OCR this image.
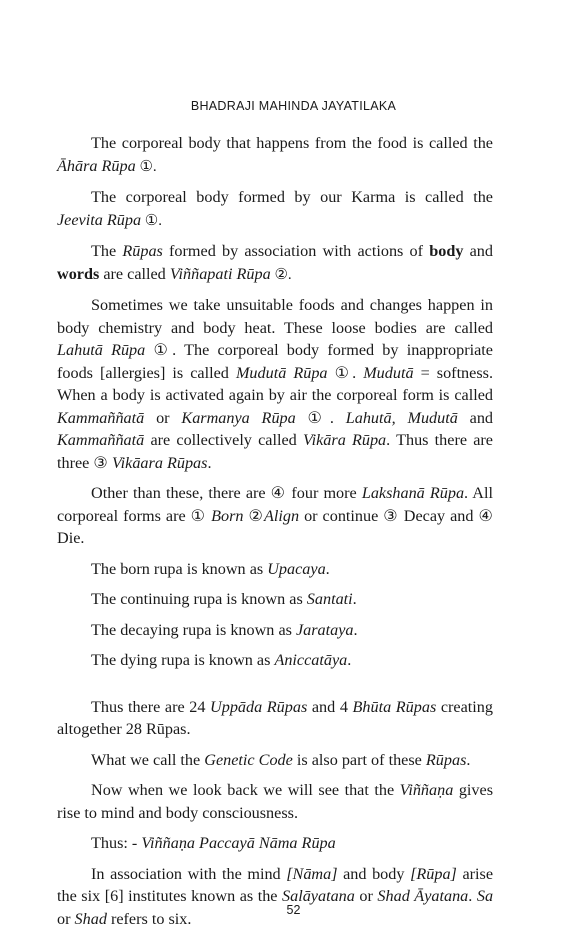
BHADRAJI MAHINDA JAYATILAKA

The corporeal body that happens from the food is called the Āhāra Rūpa ①.

The corporeal body formed by our Karma is called the Jeevita Rūpa ①.

The Rūpas formed by association with actions of body and words are called Viññapati Rūpa ②.

Sometimes we take unsuitable foods and changes happen in body chemistry and body heat. These loose bodies are called Lahutā Rūpa ①. The corporeal body formed by inappropriate foods [allergies] is called Mudutā Rūpa ①. Mudutā = softness. When a body is activated again by air the corporeal form is called Kammaññatā or Karmanya Rūpa ①. Lahutā, Mudutā and Kammaññatā are collectively called Vikāra Rūpa. Thus there are three ③ Vikāara Rūpas.

Other than these, there are ④ four more Lakshanā Rūpa. All corporeal forms are ① Born ②Align or continue ③ Decay and ④ Die.

The born rupa is known as Upacaya.

The continuing rupa is known as Santati.

The decaying rupa is known as Jarataya.

The dying rupa is known as Aniccatāya.

Thus there are 24 Uppāda Rūpas and 4 Bhūta Rūpas creating altogether 28 Rūpas.

What we call the Genetic Code is also part of these Rūpas.

Now when we look back we will see that the Viññaṇa gives rise to mind and body consciousness.

Thus: - Viññaṇa Paccayā Nāma Rūpa

In association with the mind [Nāma] and body [Rūpa] arise the six [6] institutes known as the Salāyatana or Shad Āyatana. Sa or Shad refers to six.	52
